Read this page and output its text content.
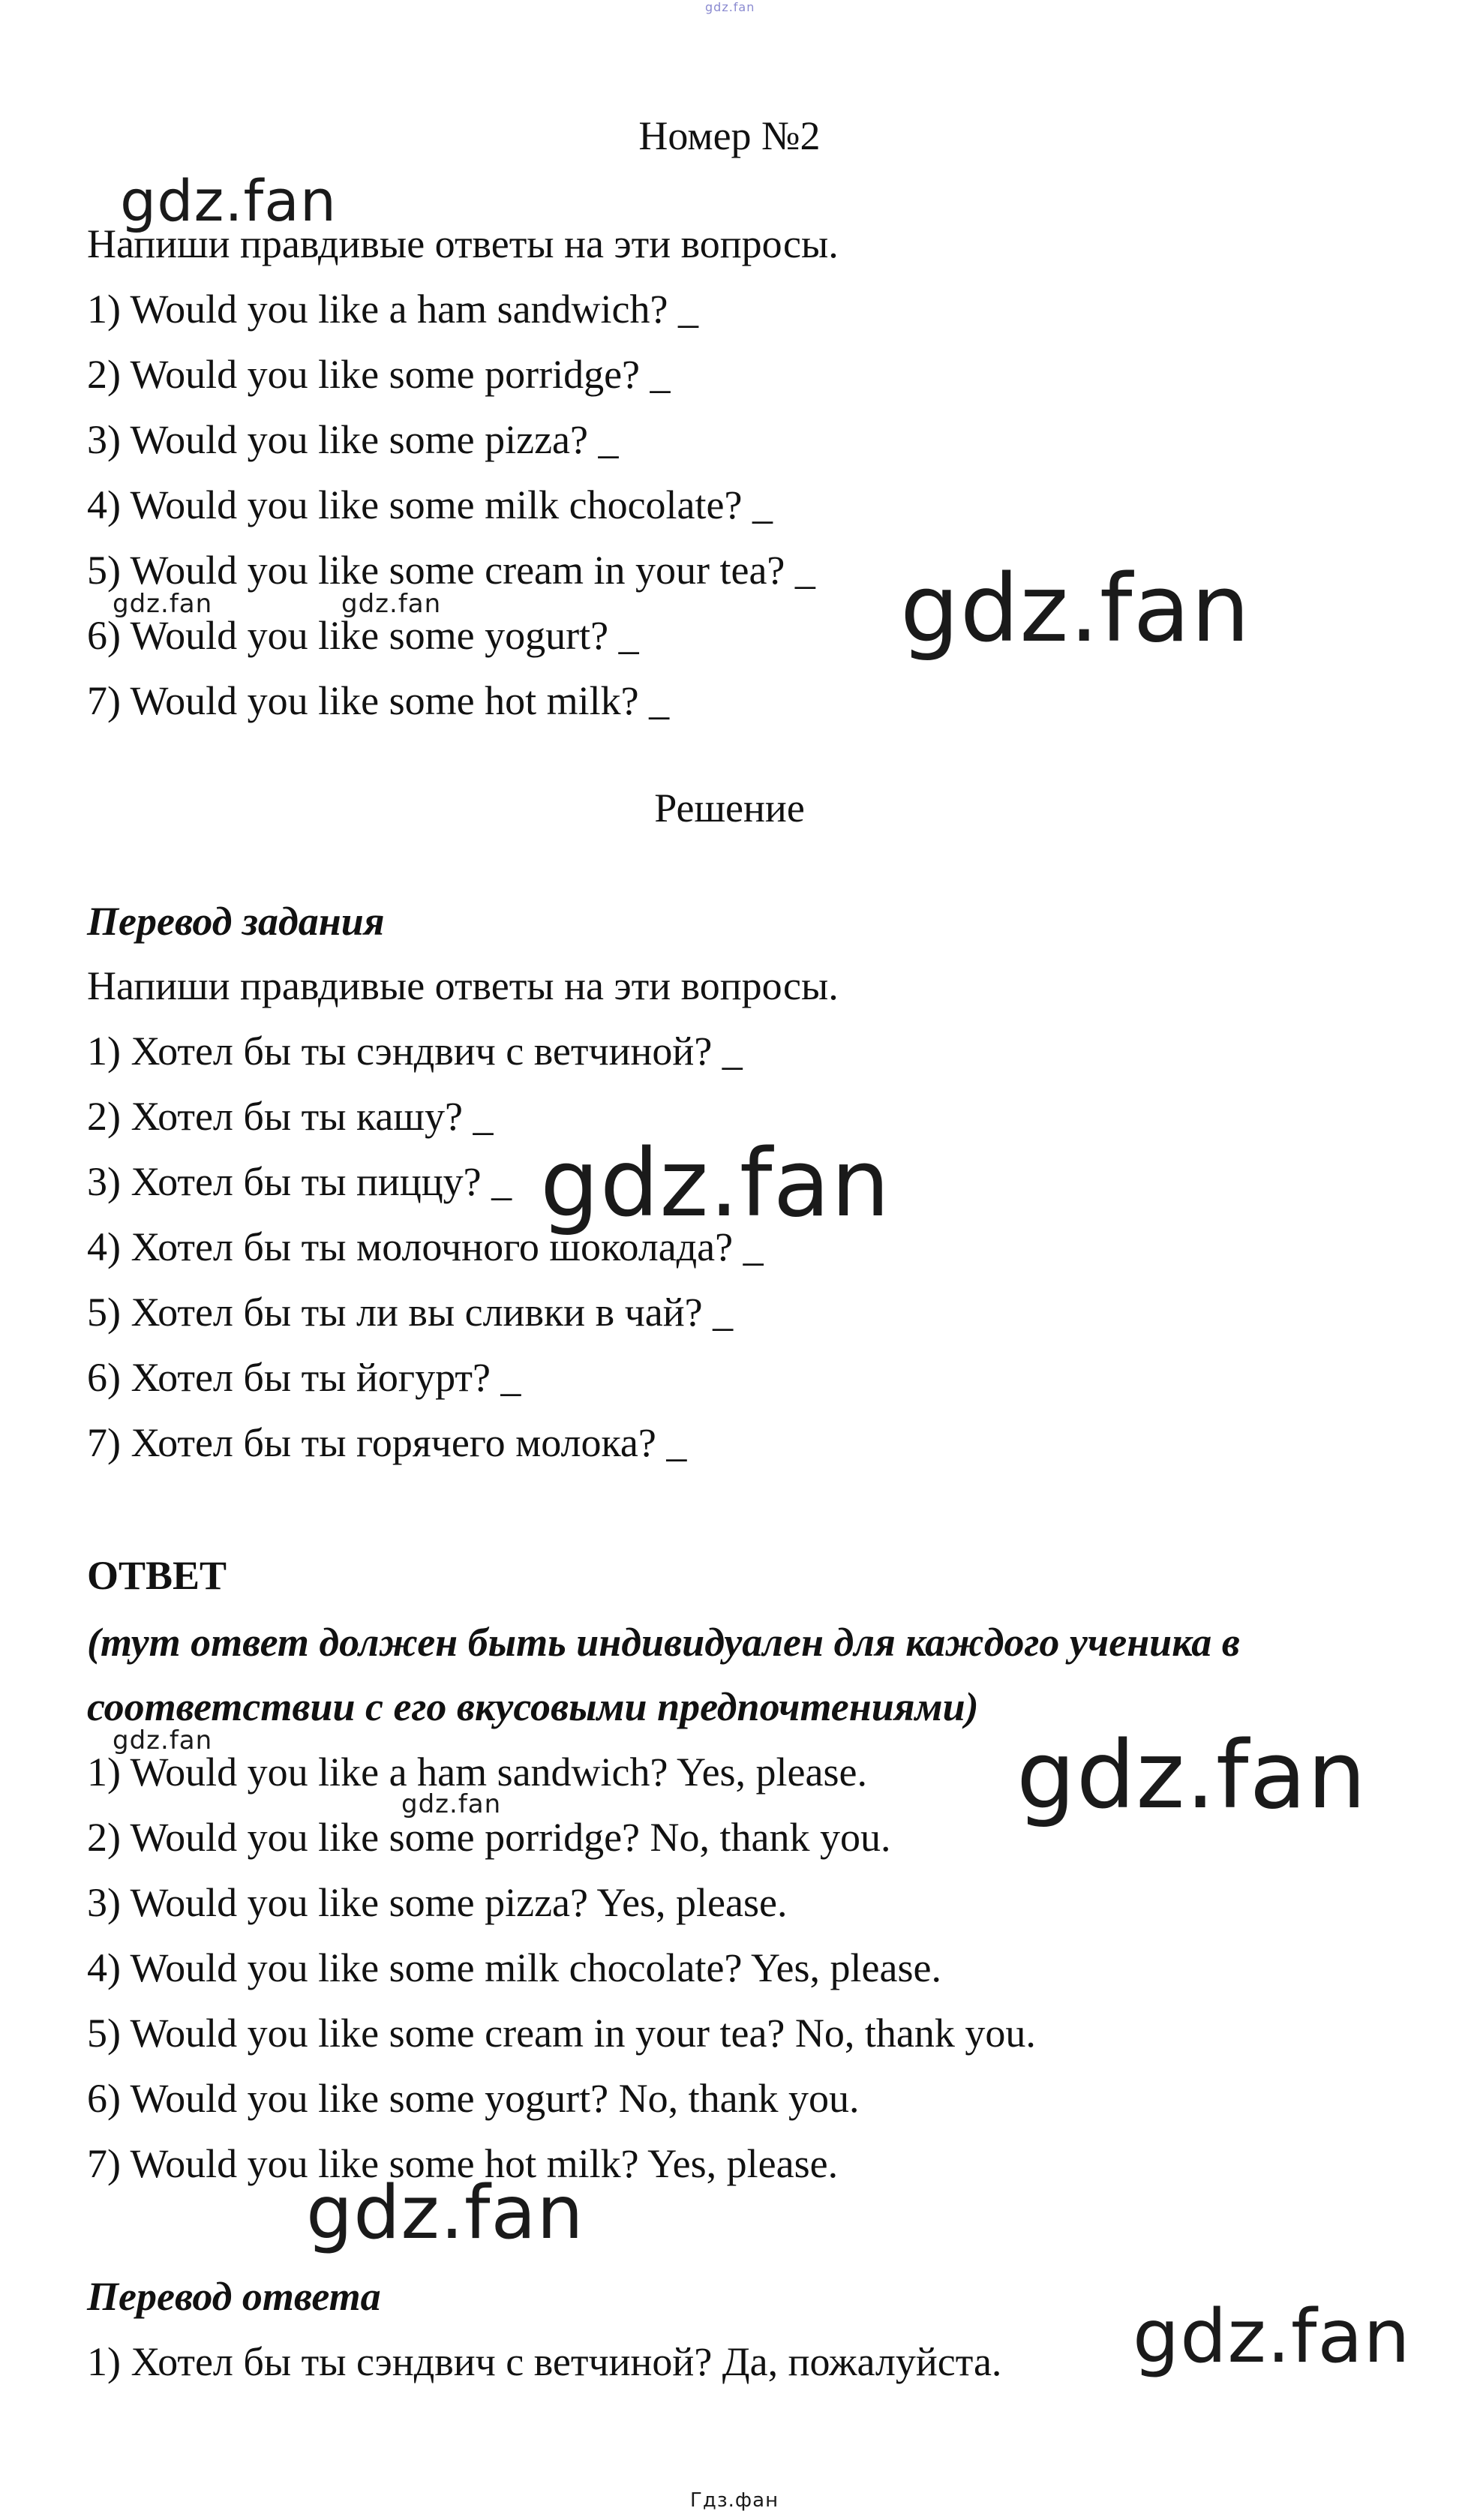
Номер №2

Напиши правдивые ответы на эти вопросы.

1) Would you like a ham sandwich? _

2) Would you like some porridge? _

3) Would you like some pizza? _

4) Would you like some milk chocolate? _

5) Would you like some cream in your tea? _

6) Would you like some yogurt? _

7) Would you like some hot milk? _

Решение

Перевод задания

Напиши правдивые ответы на эти вопросы.

1) Хотел бы ты сэндвич с ветчиной? _

2) Хотел бы ты кашу? _

3) Хотел бы ты пиццу? _

4) Хотел бы ты молочного шоколада? _

5) Хотел бы ты ли вы сливки в чай? _

6) Хотел бы ты йогурт? _

7) Хотел бы ты горячего молока? _

ОТВЕТ

(тут ответ должен быть индивидуален для каждого ученика в

соответствии с его вкусовыми предпочтениями)

1) Would you like a ham sandwich? Yes, please.

2) Would you like some porridge? No, thank you.

3) Would you like some pizza? Yes, please.

4) Would you like some milk chocolate? Yes, please.

5) Would you like some cream in your tea? No, thank you.

6) Would you like some yogurt? No, thank you.

7) Would you like some hot milk? Yes, please.

Перевод ответа

1) Хотел бы ты сэндвич с ветчиной? Да, пожалуйста.

gdz.fan
gdz.fan
gdz.fan	gdz.fan	gdz.fan
gdz.fan
gdz.fan	gdz.fan
gdz.fan
gdz.fan
gdz.fan
Гдз.фан
